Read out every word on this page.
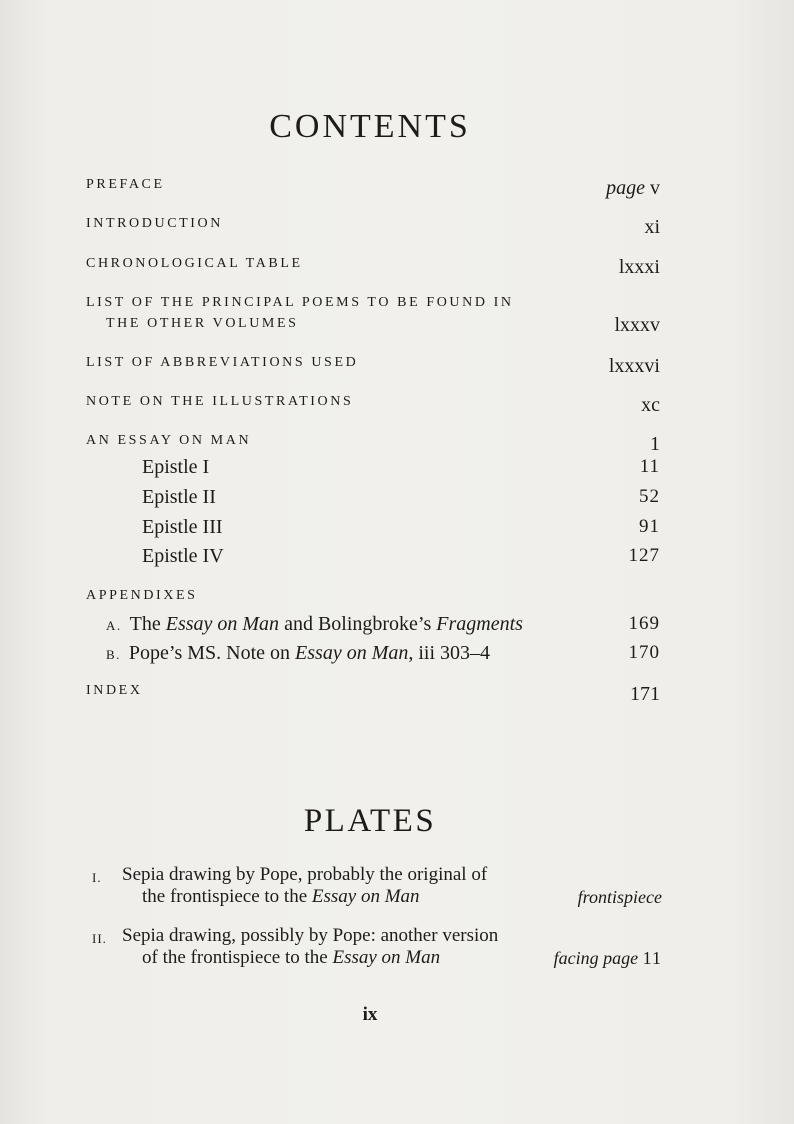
CONTENTS
PREFACE	page v
INTRODUCTION	xi
CHRONOLOGICAL TABLE	lxxxi
LIST OF THE PRINCIPAL POEMS TO BE FOUND IN
THE OTHER VOLUMES	lxxxv
LIST OF ABBREVIATIONS USED	lxxxvi
NOTE ON THE ILLUSTRATIONS	xc
AN ESSAY ON MAN	1
Epistle I	11
Epistle II	52
Epistle III	91
Epistle IV	127
APPENDIXES
A. The Essay on Man and Bolingbroke’s Fragments	169
B. Pope’s MS. Note on Essay on Man, iii 303–4	170
INDEX	171
PLATES
I. Sepia drawing by Pope, probably the original of
the frontispiece to the Essay on Man	frontispiece
II. Sepia drawing, possibly by Pope: another version
of the frontispiece to the Essay on Man	facing page 11
ix
